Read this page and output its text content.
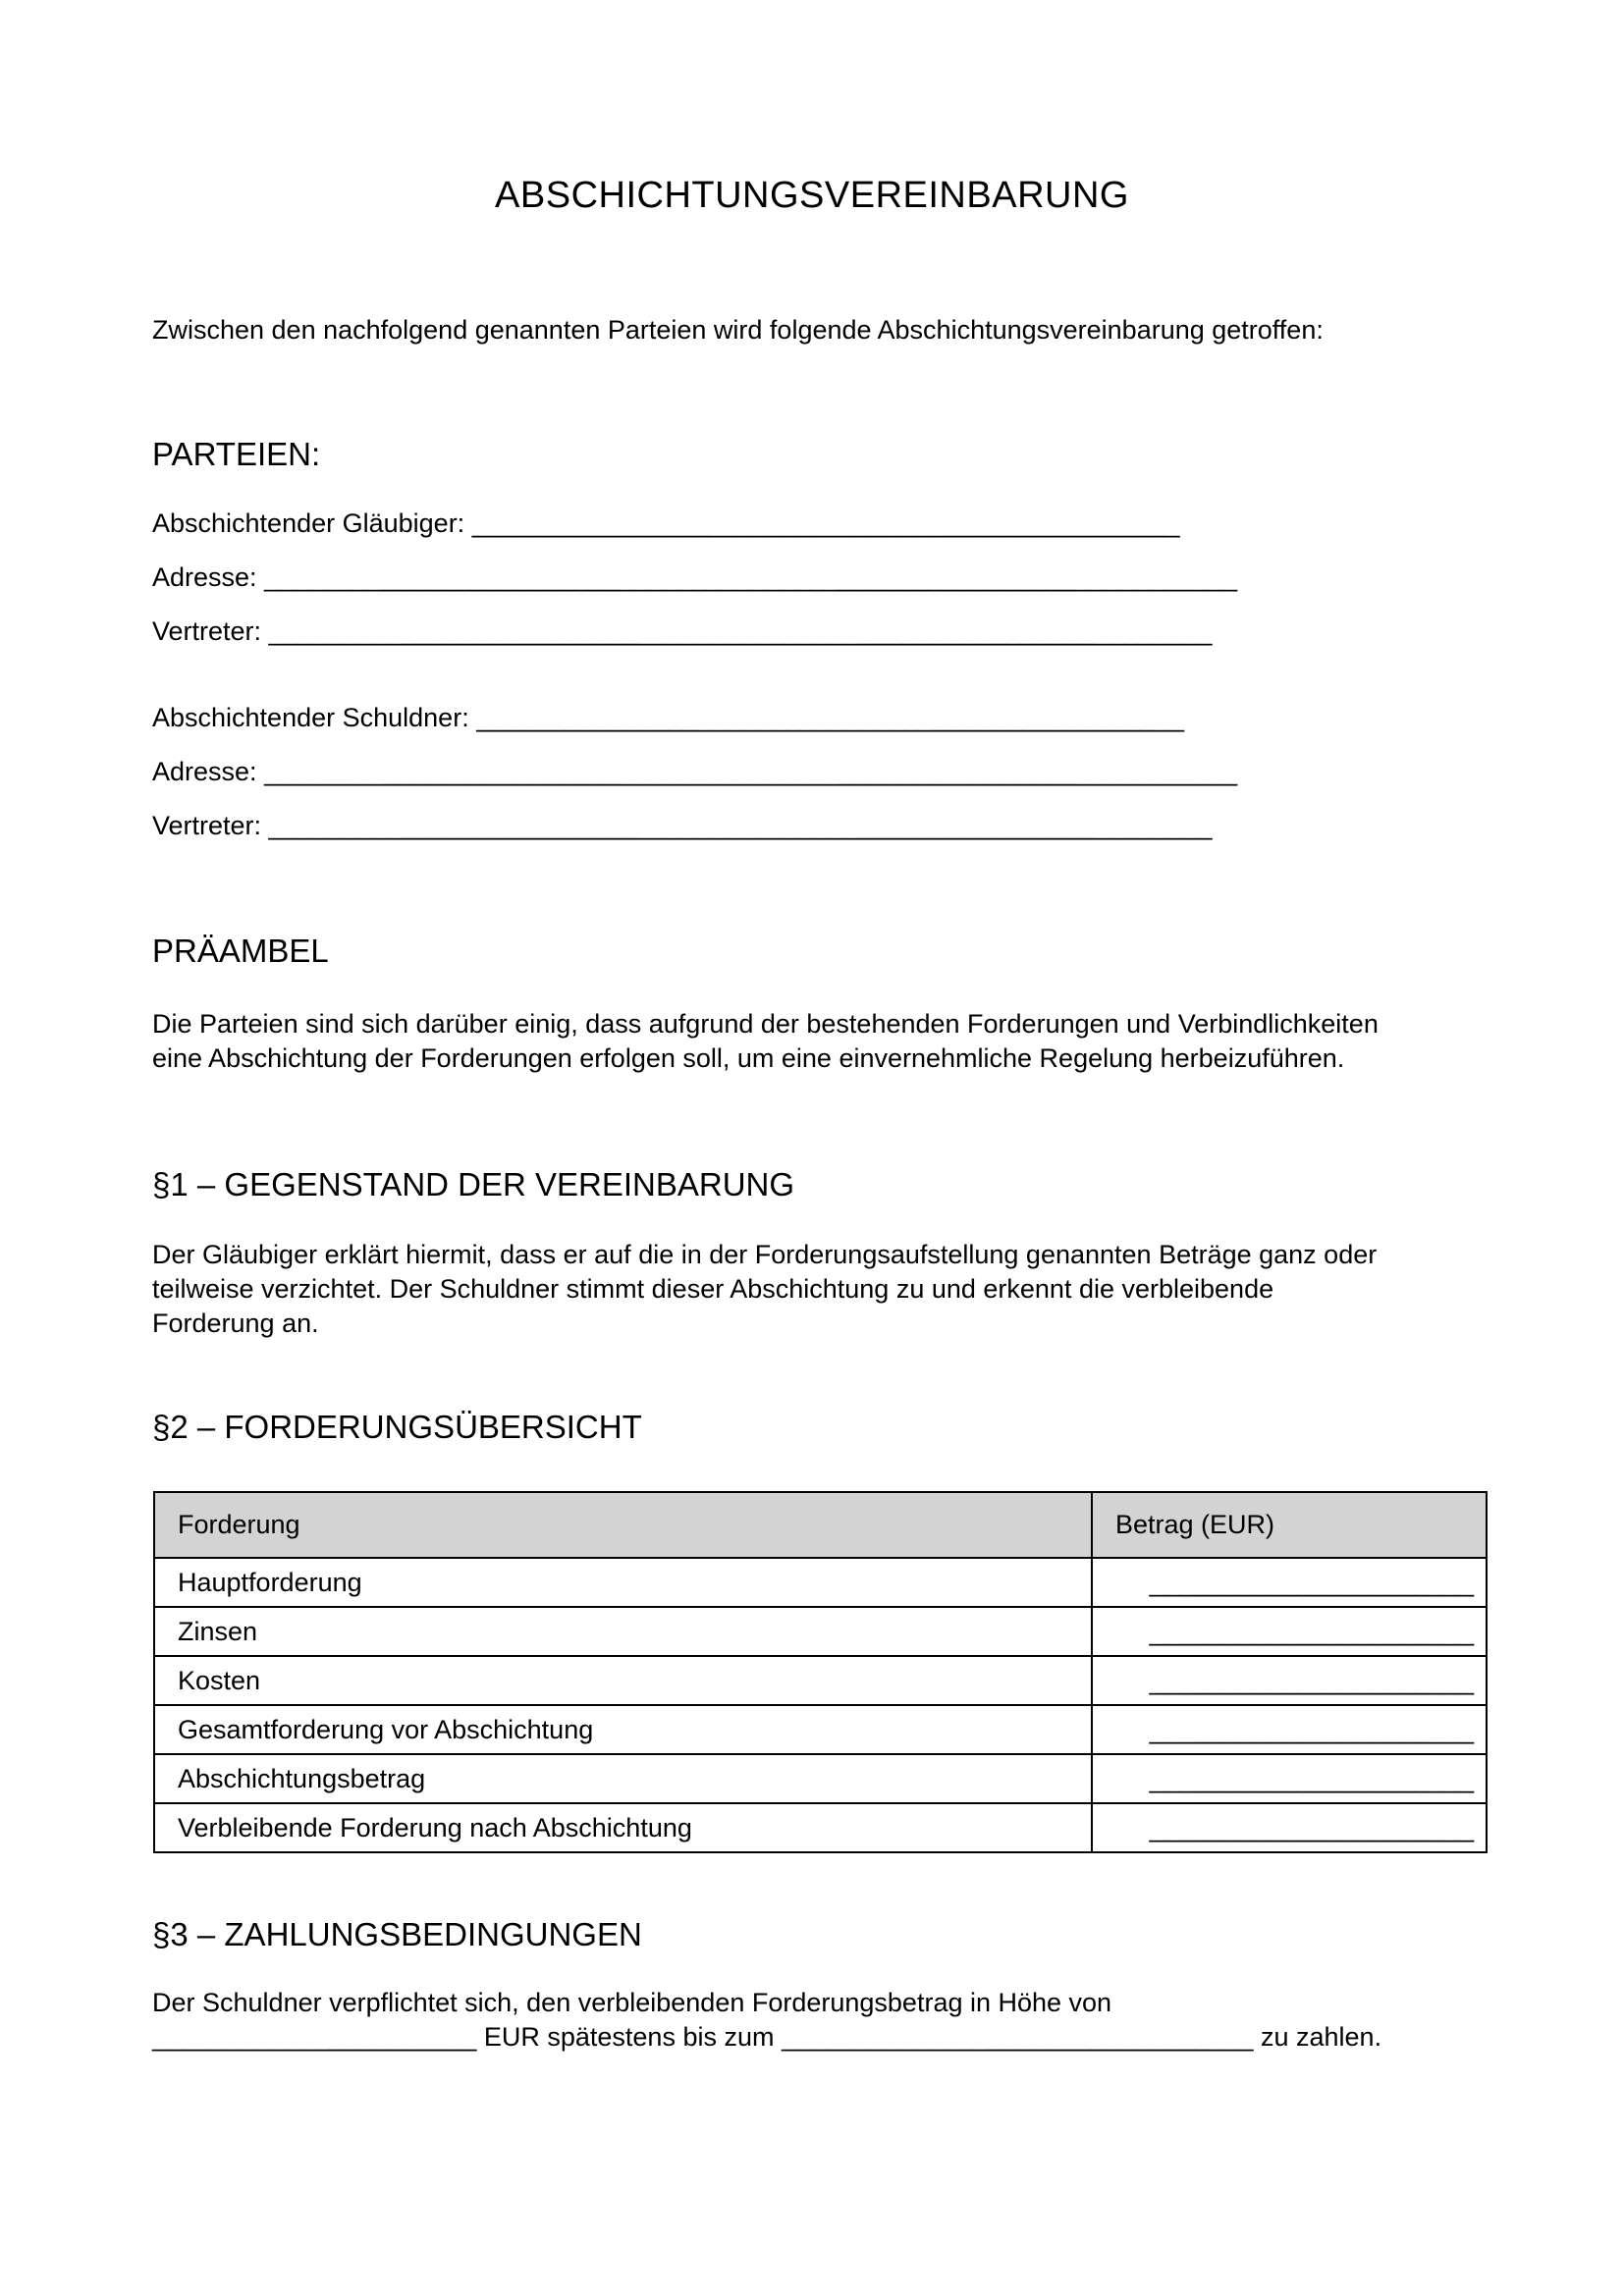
ABSCHICHTUNGSVEREINBARUNG
Zwischen den nachfolgend genannten Parteien wird folgende Abschichtungsvereinbarung getroffen:
PARTEIEN:
Abschichtender Gläubiger: ________________________________________________
Adresse: __________________________________________________________________
Vertreter: ________________________________________________________________
Abschichtender Schuldner: ________________________________________________
Adresse: __________________________________________________________________
Vertreter: ________________________________________________________________
PRÄAMBEL
Die Parteien sind sich darüber einig, dass aufgrund der bestehenden Forderungen und Verbindlichkeiten
eine Abschichtung der Forderungen erfolgen soll, um eine einvernehmliche Regelung herbeizuführen.
§1 – GEGENSTAND DER VEREINBARUNG
Der Gläubiger erklärt hiermit, dass er auf die in der Forderungsaufstellung genannten Beträge ganz oder
teilweise verzichtet. Der Schuldner stimmt dieser Abschichtung zu und erkennt die verbleibende
Forderung an.
§2 – FORDERUNGSÜBERSICHT
Forderung	Betrag (EUR)
Hauptforderung	______________________
Zinsen	______________________
Kosten	______________________
Gesamtforderung vor Abschichtung	______________________
Abschichtungsbetrag	______________________
Verbleibende Forderung nach Abschichtung	______________________
§3 – ZAHLUNGSBEDINGUNGEN
Der Schuldner verpflichtet sich, den verbleibenden Forderungsbetrag in Höhe von
______________________ EUR spätestens bis zum ________________________________ zu zahlen.
